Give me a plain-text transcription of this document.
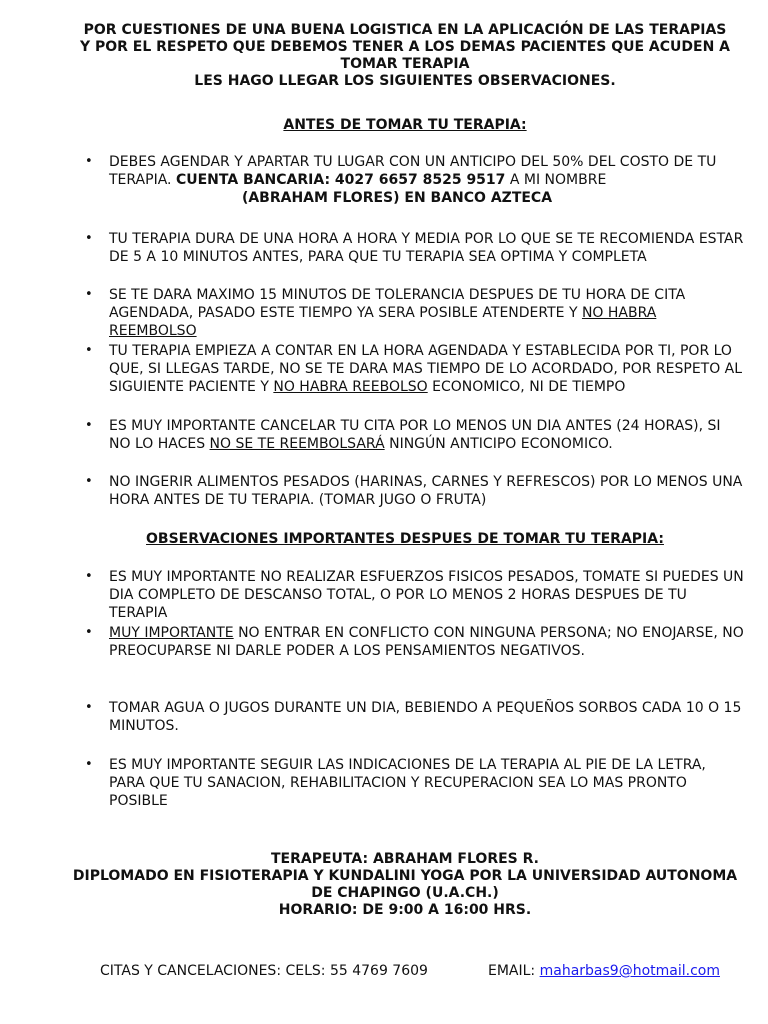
POR CUESTIONES DE UNA BUENA LOGISTICA EN LA APLICACIÓN DE LAS TERAPIAS
Y POR EL RESPETO QUE DEBEMOS TENER A LOS DEMAS PACIENTES QUE ACUDEN A
TOMAR TERAPIA
LES HAGO LLEGAR LOS SIGUIENTES OBSERVACIONES.
ANTES DE TOMAR TU TERAPIA:
•	DEBES AGENDAR Y APARTAR TU LUGAR CON UN ANTICIPO DEL 50% DEL COSTO DE TU TERAPIA. CUENTA BANCARIA: 4027 6657 8525 9517 A MI NOMBRE
(ABRAHAM FLORES) EN BANCO AZTECA
•	TU TERAPIA DURA DE UNA HORA A HORA Y MEDIA POR LO QUE SE TE RECOMIENDA ESTAR DE 5 A 10 MINUTOS ANTES, PARA QUE TU TERAPIA SEA OPTIMA Y COMPLETA
•	SE TE DARA MAXIMO 15 MINUTOS DE TOLERANCIA DESPUES DE TU HORA DE CITA AGENDADA, PASADO ESTE TIEMPO YA SERA POSIBLE ATENDERTE Y NO HABRA REEMBOLSO
•	TU TERAPIA EMPIEZA A CONTAR EN LA HORA AGENDADA Y ESTABLECIDA POR TI, POR LO QUE, SI LLEGAS TARDE, NO SE TE DARA MAS TIEMPO DE LO ACORDADO, POR RESPETO AL SIGUIENTE PACIENTE Y NO HABRA REEBOLSO ECONOMICO, NI DE TIEMPO
•	ES MUY IMPORTANTE CANCELAR TU CITA POR LO MENOS UN DIA ANTES (24 HORAS), SI NO LO HACES NO SE TE REEMBOLSARÁ NINGÚN ANTICIPO ECONOMICO.
•	NO INGERIR ALIMENTOS PESADOS (HARINAS, CARNES Y REFRESCOS) POR LO MENOS UNA HORA ANTES DE TU TERAPIA. (TOMAR JUGO O FRUTA)
OBSERVACIONES IMPORTANTES DESPUES DE TOMAR TU TERAPIA:
•	ES MUY IMPORTANTE NO REALIZAR ESFUERZOS FISICOS PESADOS, TOMATE SI PUEDES UN DIA COMPLETO DE DESCANSO TOTAL, O POR LO MENOS 2 HORAS DESPUES DE TU TERAPIA
•	MUY IMPORTANTE NO ENTRAR EN CONFLICTO CON NINGUNA PERSONA; NO ENOJARSE, NO PREOCUPARSE NI DARLE PODER A LOS PENSAMIENTOS NEGATIVOS.
•	TOMAR AGUA O JUGOS DURANTE UN DIA, BEBIENDO A PEQUEÑOS SORBOS CADA 10 O 15 MINUTOS.
•	ES MUY IMPORTANTE SEGUIR LAS INDICACIONES DE LA TERAPIA AL PIE DE LA LETRA, PARA QUE TU SANACION, REHABILITACION Y RECUPERACION SEA LO MAS PRONTO POSIBLE
TERAPEUTA: ABRAHAM FLORES R.
DIPLOMADO EN FISIOTERAPIA Y KUNDALINI YOGA POR LA UNIVERSIDAD AUTONOMA
DE CHAPINGO (U.A.CH.)
HORARIO: DE 9:00 A 16:00 HRS.
CITAS Y CANCELACIONES: CELS: 55 4769 7609	EMAIL: maharbas9@hotmail.com
